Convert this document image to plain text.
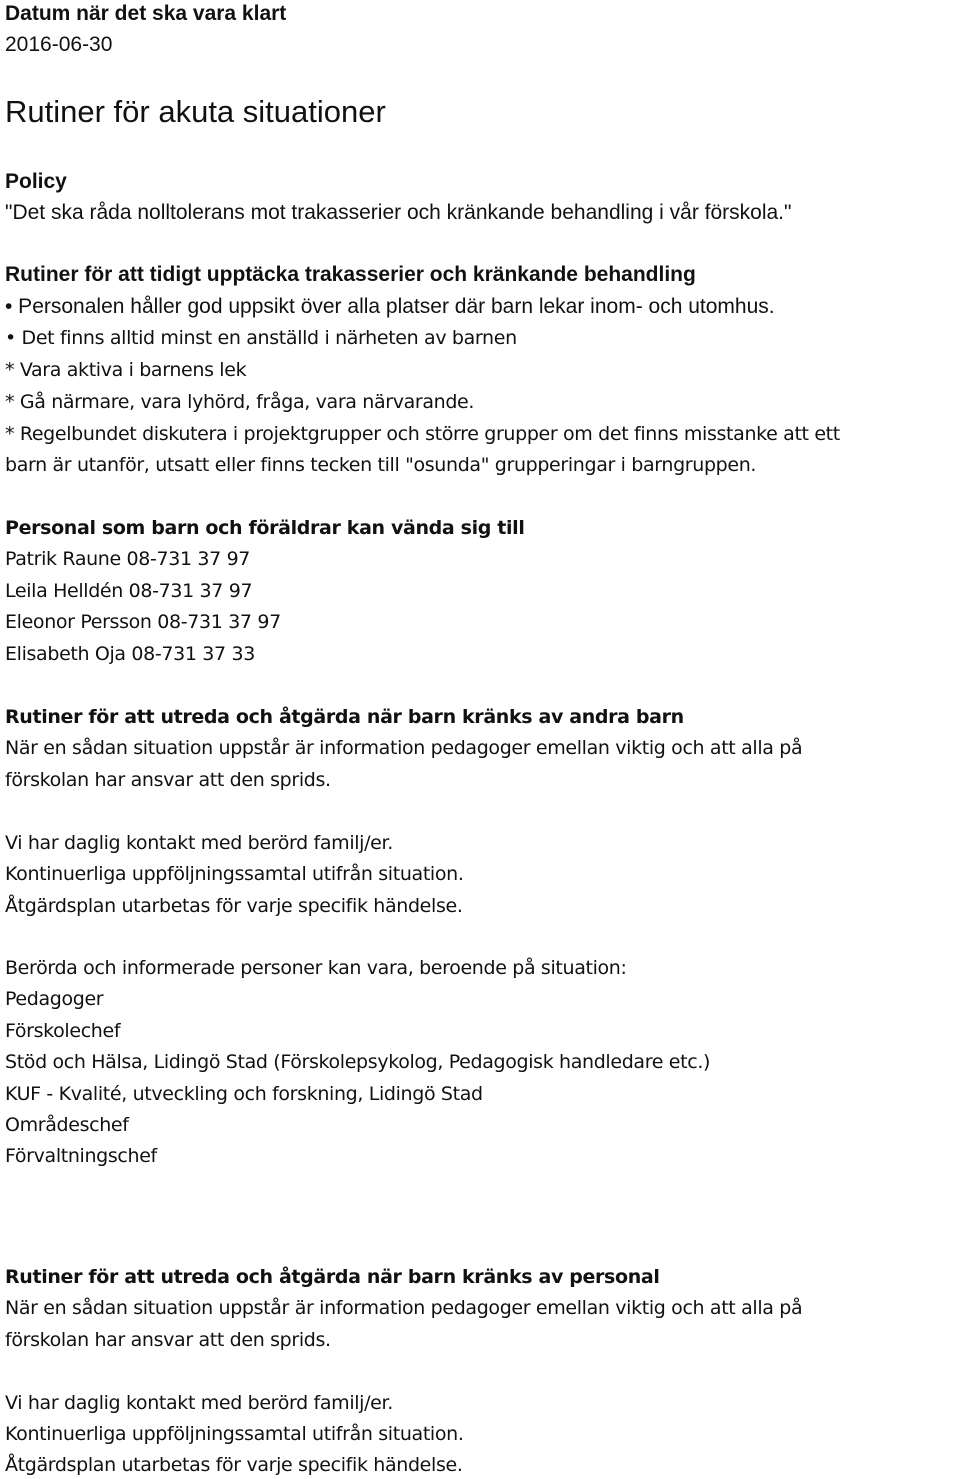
Datum när det ska vara klart
2016-06-30
Rutiner för akuta situationer
Policy
"Det ska råda nolltolerans mot trakasserier och kränkande behandling i vår förskola."
Rutiner för att tidigt upptäcka trakasserier och kränkande behandling
• Personalen håller god uppsikt över alla platser där barn lekar inom- och utomhus.
• Det finns alltid minst en anställd i närheten av barnen
* Vara aktiva i barnens lek
* Gå närmare, vara lyhörd, fråga, vara närvarande.
* Regelbundet diskutera i projektgrupper och större grupper om det finns misstanke att ett
barn är utanför, utsatt eller finns tecken till "osunda" grupperingar i barngruppen.
Personal som barn och föräldrar kan vända sig till
Patrik Raune 08-731 37 97
Leila Helldén 08-731 37 97
Eleonor Persson 08-731 37 97
Elisabeth Oja 08-731 37 33
Rutiner för att utreda och åtgärda när barn kränks av andra barn
När en sådan situation uppstår är information pedagoger emellan viktig och att alla på
förskolan har ansvar att den sprids.
Vi har daglig kontakt med berörd familj/er.
Kontinuerliga uppföljningssamtal utifrån situation.
Åtgärdsplan utarbetas för varje specifik händelse.
Berörda och informerade personer kan vara, beroende på situation:
Pedagoger
Förskolechef
Stöd och Hälsa, Lidingö Stad (Förskolepsykolog, Pedagogisk handledare etc.)
KUF - Kvalité, utveckling och forskning, Lidingö Stad
Områdeschef
Förvaltningschef
Rutiner för att utreda och åtgärda när barn kränks av personal
När en sådan situation uppstår är information pedagoger emellan viktig och att alla på
förskolan har ansvar att den sprids.
Vi har daglig kontakt med berörd familj/er.
Kontinuerliga uppföljningssamtal utifrån situation.
Åtgärdsplan utarbetas för varje specifik händelse.
